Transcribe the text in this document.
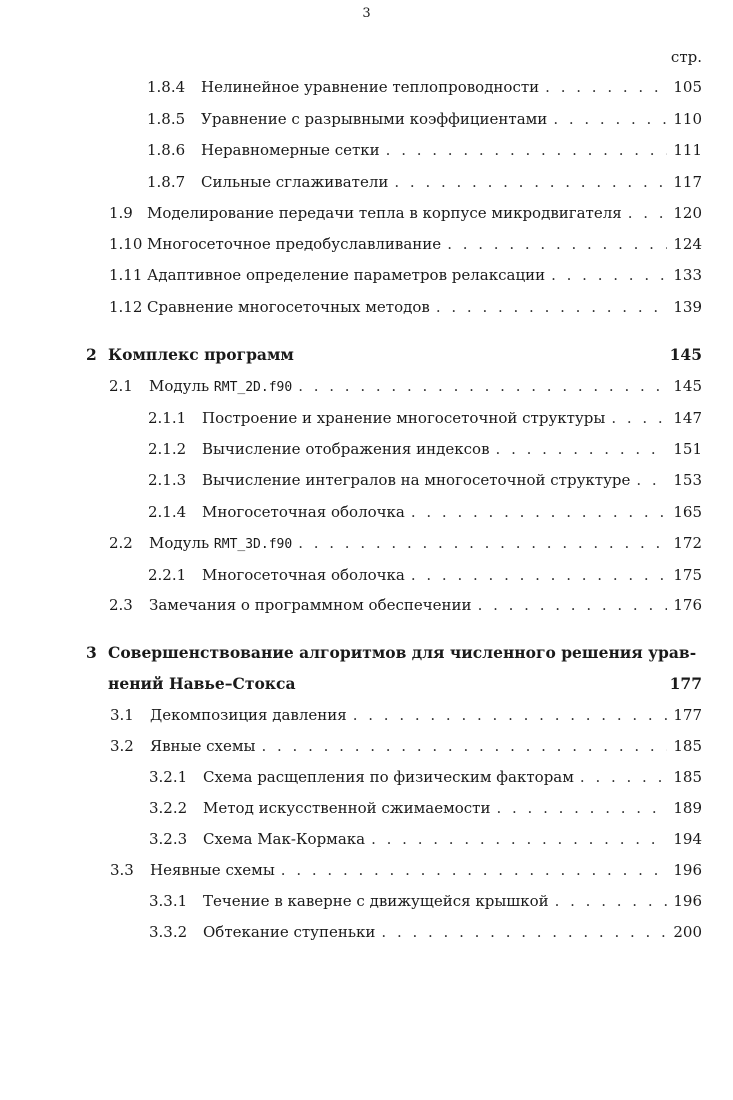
3
стр.
1.8.4	Нелинейное уравнение теплопроводности . . .	105
1.8.5	Уравнение с разрывными коэффициентами . . .	110
1.8.6	Неравномерные сетки . . .	111
1.8.7	Сильные сглаживатели . . .	117
1.9 Моделирование передачи тепла в корпусе микродвигателя . . .	120
1.10 Многосеточное предобуславливание . . .	124
1.11 Адаптивное определение параметров релаксации . . .	133
1.12 Сравнение многосеточных методов . . .	139
2 Комплекс программ	145
2.1	Модуль RMT_2D.f90 . . .	145
2.1.1	Построение и хранение многосеточной структуры . . .	147
2.1.2	Вычисление отображения индексов . . .	151
2.1.3	Вычисление интегралов на многосеточной структуре . . .	153
2.1.4	Многосеточная оболочка . . .	165
2.2	Модуль RMT_3D.f90 . . .	172
2.2.1	Многосеточная оболочка . . .	175
2.3	Замечания о программном обеспечении . . .	176
3 Совершенствование алгоритмов для численного решения урав-
нений Навье–Стокса	177
3.1	Декомпозиция давления . . .	177
3.2	Явные схемы . . .	185
3.2.1	Схема расщепления по физическим факторам . . .	185
3.2.2	Метод искусственной сжимаемости . . .	189
3.2.3	Схема Мак-Кормака . . .	194
3.3	Неявные схемы . . .	196
3.3.1	Течение в каверне с движущейся крышкой . . .	196
3.3.2	Обтекание ступеньки . . .	200
